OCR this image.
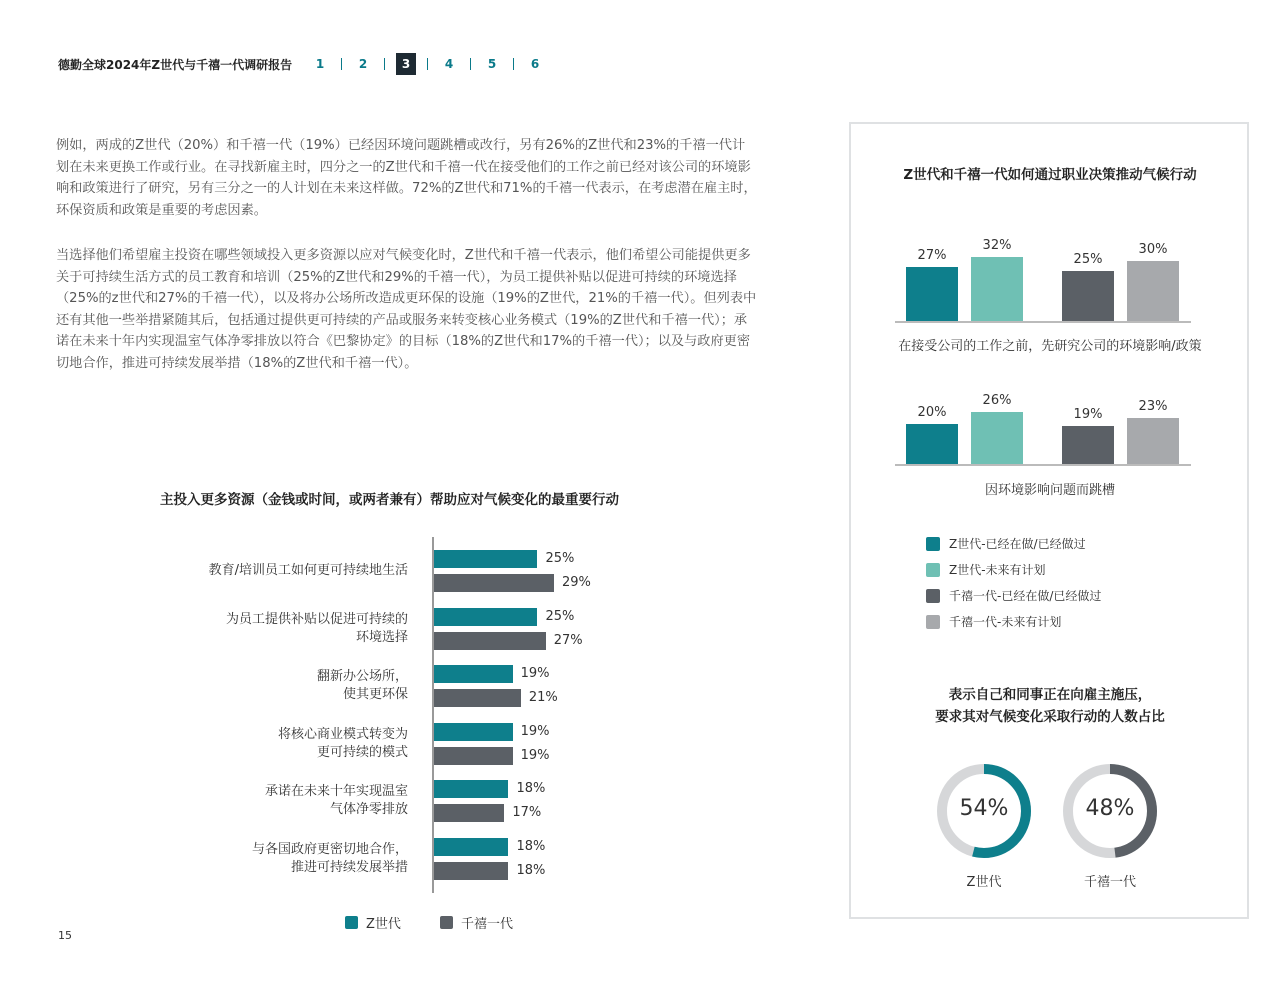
德勤全球2024年Z世代与千禧一代调研报告	1	2	3	4	5	6

例如，两成的Z世代（20%）和千禧一代（19%）已经因环境问题跳槽或改行，另有26%的Z世代和23%的千禧一代计划在未来更换工作或行业。在寻找新雇主时，四分之一的Z世代和千禧一代在接受他们的工作之前已经对该公司的环境影响和政策进行了研究，另有三分之一的人计划在未来这样做。72%的Z世代和71%的千禧一代表示，在考虑潜在雇主时，环保资质和政策是重要的考虑因素。

当选择他们希望雇主投资在哪些领域投入更多资源以应对气候变化时，Z世代和千禧一代表示，他们希望公司能提供更多关于可持续生活方式的员工教育和培训（25%的Z世代和29%的千禧一代），为员工提供补贴以促进可持续的环境选择（25%的z世代和27%的千禧一代），以及将办公场所改造成更环保的设施（19%的Z世代，21%的千禧一代）。但列表中还有其他一些举措紧随其后，包括通过提供更可持续的产品或服务来转变核心业务模式（19%的Z世代和千禧一代）；承诺在未来十年内实现温室气体净零排放以符合《巴黎协定》的目标（18%的Z世代和17%的千禧一代）；以及与政府更密切地合作，推进可持续发展举措（18%的Z世代和千禧一代）。

主投入更多资源（金钱或时间，或两者兼有）帮助应对气候变化的最重要行动
教育/培训员工如何更可持续地生活
25%
29%
为员工提供补贴以促进可持续的
环境选择
25%
27%
翻新办公场所，
使其更环保
19%
21%
将核心商业模式转变为
更可持续的模式
19%
19%
承诺在未来十年实现温室
气体净零排放
18%
17%
与各国政府更密切地合作，
推进可持续发展举措
18%
18%
Z世代	千禧一代
15
Z世代和千禧一代如何通过职业决策推动气候行动
27%
32%
25%
30%
在接受公司的工作之前，先研究公司的环境影响/政策
20%
26%
19%
23%
因环境影响问题而跳槽
Z世代-已经在做/已经做过
Z世代-未来有计划
千禧一代-已经在做/已经做过
千禧一代-未来有计划
表示自己和同事正在向雇主施压，
要求其对气候变化采取行动的人数占比
54%
Z世代
48%
千禧一代
